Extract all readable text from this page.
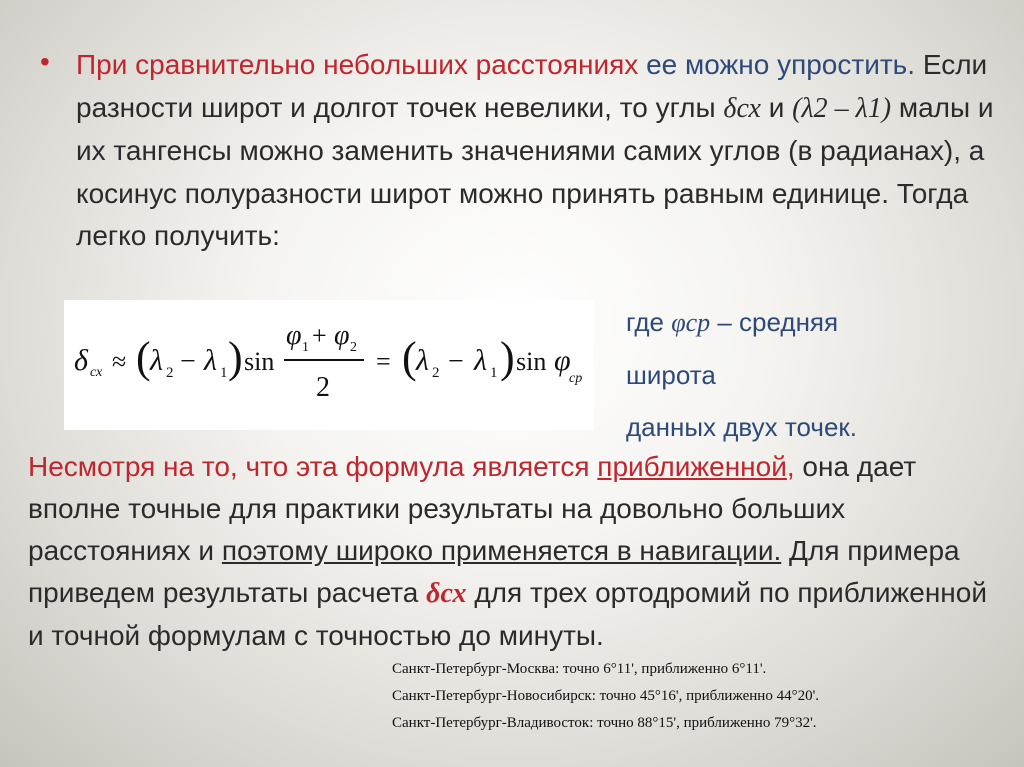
• При сравнительно небольших расстояниях ее можно упростить. Если разности широт и долгот точек невелики, то углы δсх и (λ2 – λ1) малы и их тангенсы можно заменить значениями самих углов (в радианах), а косинус полуразности широт можно принять равным единице. Тогда легко получить:
δ сх ≈ ( λ 2 − λ 1 ) sin
φ 1 + φ 2
2
= ( λ 2 − λ 1 ) sin φ
ср
где φср – средняя
широта
данных двух точек.
Несмотря на то, что эта формула является приближенной, она дает вполне точные для практики результаты на довольно больших расстояниях и поэтому широко применяется в навигации. Для примера приведем результаты расчета δсх для трех ортодромий по приближенной и точной формулам с точностью до минуты.
Санкт-Петербург-Москва: точно 6°11', приближенно 6°11'.
Санкт-Петербург-Новосибирск: точно 45°16', приближенно 44°20'.
Санкт-Петербург-Владивосток: точно 88°15', приближенно 79°32'.
